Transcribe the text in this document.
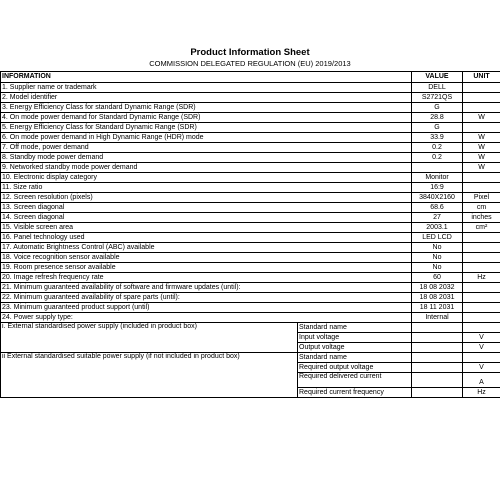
Product Information Sheet
COMMISSION DELEGATED REGULATION (EU) 2019/2013
INFORMATION		VALUE	UNIT
1. Supplier name or trademark		DELL	
2. Model identifier		S2721QS	
3. Energy Efficiency Class for standard Dynamic Range (SDR)		G	
4. On mode power demand for Standard Dynamic Range (SDR)		28.8	W
5. Energy Efficiency Class for Standard Dynamic Range (SDR)		G	
6. On mode power demand in High Dynamic Range (HDR) mode		33.9	W
7. Off mode, power demand		0.2	W
8. Standby mode power demand		0.2	W
9. Networked standby mode power demand			W
10. Electronic display category		Monitor	
11. Size ratio		16:9	
12. Screen resolution (pixels)		3840X2160	Pixel
13. Screen diagonal		68.6	cm
14. Screen diagonal		27	inches
15. Visible screen area		2003.1	cm²
16. Panel technology used		LED LCD	
17. Automatic Brightness Control (ABC) available		No	
18. Voice recognition sensor available		No	
19. Room presence sensor available		No	
20. Image refresh frequency rate		60	Hz
21. Minimum guaranteed availability of software and firmware updates (until):		18 08 2032	
22. Minimum guaranteed availability of spare parts (until):		18 08 2031	
23. Minimum guaranteed product support (until)		18 11 2031	
24. Power supply type:		Internal	
i. External standardised power supply (included in product box)	Standard name		
	Input voltage		V
	Output voltage		V
ii External standardised suitable power supply (if not included in product box)	Standard name		
	Required output voltage		V
	Required delivered current		A
	Required current frequency		Hz
